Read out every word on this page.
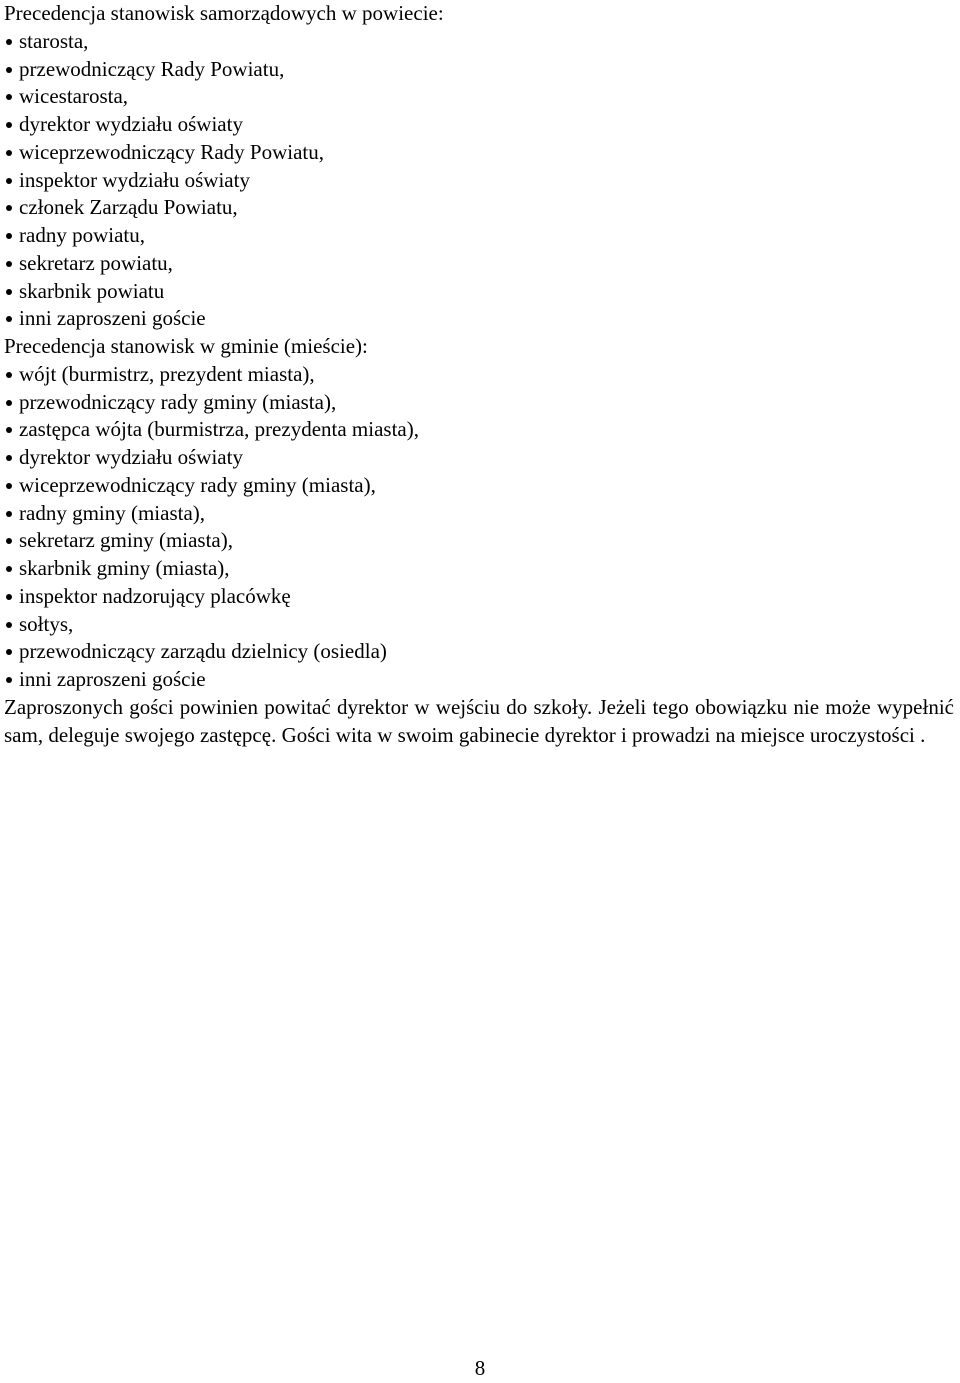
Precedencja stanowisk samorządowych w powiecie:
starosta,
przewodniczący Rady Powiatu,
wicestarosta,
dyrektor wydziału oświaty
wiceprzewodniczący Rady Powiatu,
inspektor wydziału oświaty
członek Zarządu Powiatu,
radny powiatu,
sekretarz powiatu,
skarbnik powiatu
inni zaproszeni goście
Precedencja stanowisk w gminie (mieście):
wójt (burmistrz, prezydent miasta),
przewodniczący rady gminy (miasta),
zastępca wójta (burmistrza, prezydenta miasta),
dyrektor wydziału oświaty
wiceprzewodniczący rady gminy (miasta),
radny gminy (miasta),
sekretarz gminy (miasta),
skarbnik gminy (miasta),
inspektor nadzorujący placówkę
sołtys,
przewodniczący zarządu dzielnicy (osiedla)
inni zaproszeni goście

Zaproszonych gości powinien powitać dyrektor w wejściu do szkoły. Jeżeli tego obowiązku nie może wypełnić sam, deleguje swojego zastępcę. Gości wita w swoim gabinecie dyrektor i prowadzi na miejsce uroczystości .

8
